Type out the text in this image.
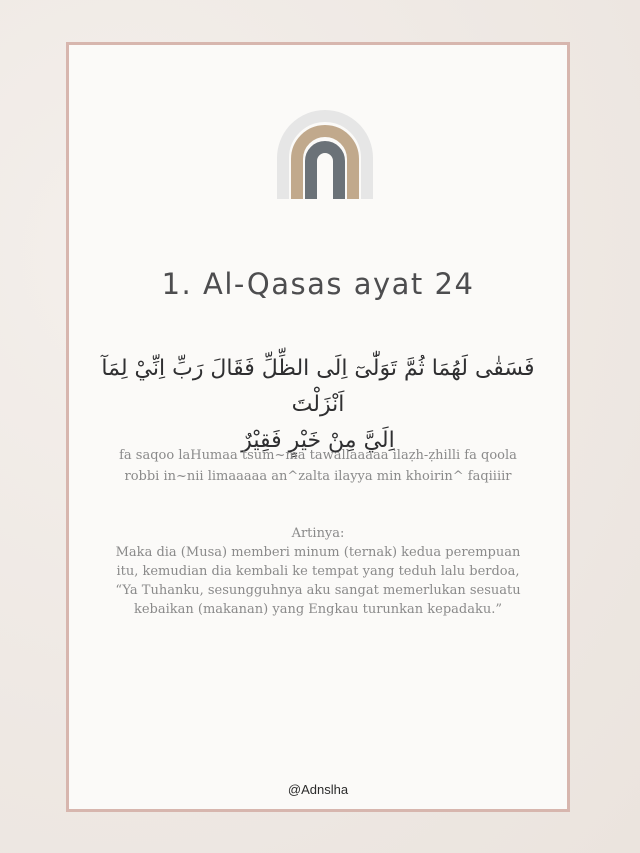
1. Al-Qasas ayat 24
فَسَقٰى لَهُمَا ثُمَّ تَوَلّٰىٓ اِلَى الظِّلِّ فَقَالَ رَبِّ اِنِّيْ لِمَآ اَنْزَلْتَ
اِلَيَّ مِنْ خَيْرٍ فَقِيْرٌ
fa saqoo laHumaa tsum~ma tawallaaaaa ilaẓh-ẓhilli fa qoola
robbi in~nii limaaaaa an^zalta ilayya min khoirin^ faqiiiir
Artinya:
Maka dia (Musa) memberi minum (ternak) kedua perempuan
itu, kemudian dia kembali ke tempat yang teduh lalu berdoa,
“Ya Tuhanku, sesungguhnya aku sangat memerlukan sesuatu
kebaikan (makanan) yang Engkau turunkan kepadaku.”
@Adnslha
